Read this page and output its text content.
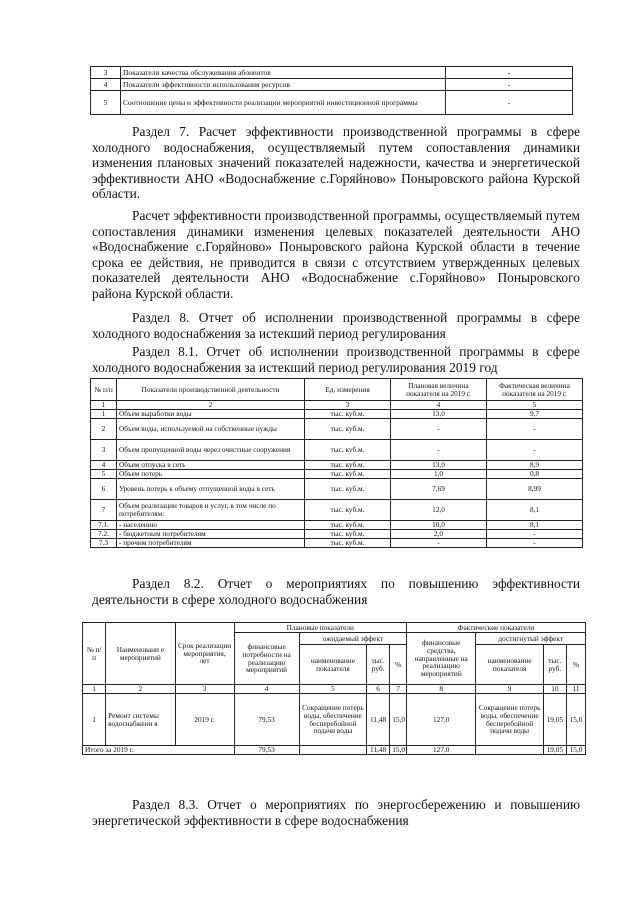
3	Показатели качества обслуживания абонентов	-
4	Показатели эффективности использования ресурсов	-
5	Соотношение цены и эффективности реализации мероприятий инвестиционной программы	-

Раздел 7. Расчет эффективности производственной программы в сфере холодного водоснабжения, осуществляемый путем сопоставления динамики изменения плановых значений показателей надежности, качества и энергетической эффективности АНО «Водоснабжение с.Горяйново» Поныровского района Курской области.

Расчет эффективности производственной программы, осуществляемый путем сопоставления динамики изменения целевых показателей деятельности АНО «Водоснабжение с.Горяйново» Поныровского района Курской области в течение срока ее действия, не приводится в связи с отсутствием утвержденных целевых показателей деятельности АНО «Водоснабжение с.Горяйново» Поныровского района Курской области.

Раздел 8. Отчет об исполнении производственной программы в сфере холодного водоснабжения за истекший период регулирования

Раздел 8.1. Отчет об исполнении производственной программы в сфере холодного водоснабжения за истекший период регулирования 2019 год

№ п/п	Показатели производственной деятельности	Ед. измерения	Плановая величина показателя на 2019 г.	Фактическая величина показателя на 2019 г.
1	2	3	4	5
1	Объем выработки воды	тыс. куб.м.	13,0	9,7
2	Объем воды, используемой на собственные нужды	тыс. куб.м.	-	-
3	Объем пропущенной воды через очистные сооружения	тыс. куб.м.	-	-
4	Объем отпуска в сеть	тыс. куб.м.	13,0	8,9
5	Объем потерь	тыс. куб.м.	1,0	0,8
6	Уровень потерь к объему отпущенной воды в сеть	тыс. куб.м.	7,69	8,99
7	Объем реализации товаров и услуг, в том числе по потребителям:	тыс. куб.м.	12,0	8,1
7.1.	- населению	тыс. куб.м.	10,0	8,1
7.2.	- бюджетным потребителям	тыс. куб.м.	2,0	-
7.3	- прочим потребителям	тыс. куб.м.	-	-

Раздел 8.2. Отчет о мероприятиях по повышению эффективности деятельности в сфере холодного водоснабжения

№ п/ п	Наименовани е мероприятий	Срок реализации мероприятия, лет	Плановые показатели				Фактические показатели			
			финансовые потребности на реализацию мероприятий	ожидаемый эффект			финансовые средства, направленные на реализацию мероприятий	достигнутый эффект		
				наименование показателя	тыс. руб.	%		наименование показателя	тыс. руб.	%
1	2	3	4	5	6	7	8	9	10	11
1	Ремонт системы водоснабжени я	2019 г.	79,53	Сокращение потерь воды, обеспечение бесперебойной подачи воды	11,48	15,0	127,0	Сокращение потерь воды, обеспечение бесперебойной подачи воды	19,05	15,0
Итого за 2019 г.			79,53		11,48	15,0	127,0		19,05	15,0

Раздел 8.3. Отчет о мероприятиях по энергосбережению и повышению энергетической эффективности в сфере водоснабжения
